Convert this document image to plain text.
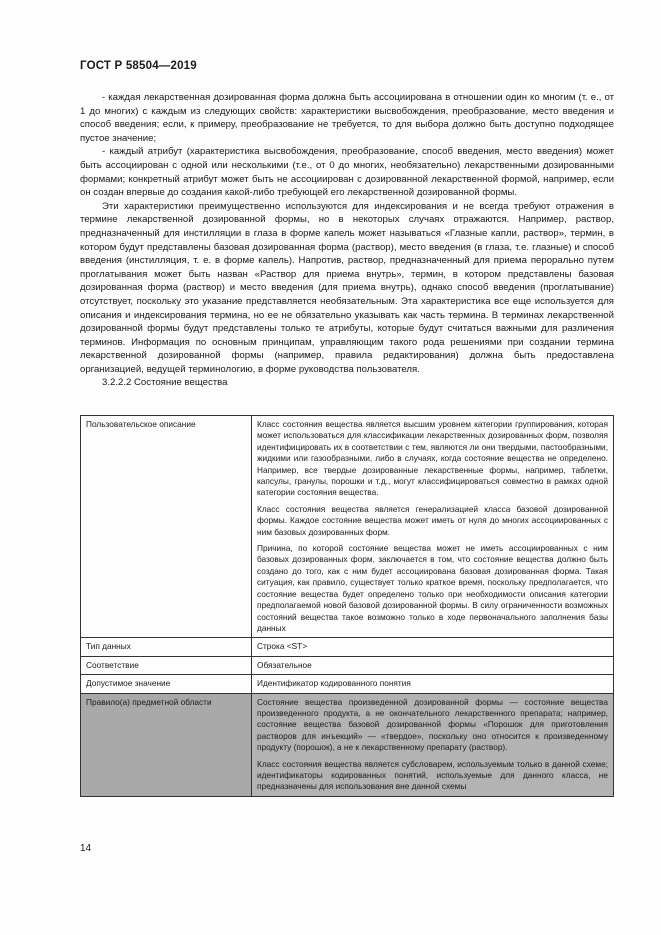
ГОСТ Р 58504—2019

- каждая лекарственная дозированная форма должна быть ассоциирована в отношении один ко многим (т. е., от 1 до многих) с каждым из следующих свойств: характеристики высвобождения, преобразование, место введения и способ введения; если, к примеру, преобразование не требуется, то для выбора должно быть доступно подходящее пустое значение;

- каждый атрибут (характеристика высвобождения, преобразование, способ введения, место введения) может быть ассоциирован с одной или несколькими (т.е., от 0 до многих, необязательно) лекарственными дозированными формами; конкретный атрибут может быть не ассоциирован с дозированной лекарственной формой, например, если он создан впервые до создания какой-либо требующей его лекарственной дозированной формы.

Эти характеристики преимущественно используются для индексирования и не всегда требуют отражения в термине лекарственной дозированной формы, но в некоторых случаях отражаются. Например, раствор, предназначенный для инстилляции в глаза в форме капель может называться «Глазные капли, раствор», термин, в котором будут представлены базовая дозированная форма (раствор), место введения (в глаза, т.е. глазные) и способ введения (инстилляция, т. е. в форме капель). Напротив, раствор, предназначенный для приема перорально путем проглатывания может быть назван «Раствор для приема внутрь», термин, в котором представлены базовая дозированная форма (раствор) и место введения (для приема внутрь), однако способ введения (проглатывание) отсутствует, поскольку это указание представляется необязательным. Эта характеристика все еще используется для описания и индексирования термина, но ее не обязательно указывать как часть термина. В терминах лекарственной дозированной формы будут представлены только те атрибуты, которые будут считаться важными для различения терминов. Информация по основным принципам, управляющим такого рода решениями при создании термина лекарственной дозированной формы (например, правила редактирования) должна быть предоставлена организацией, ведущей терминологию, в форме руководства пользователя.

3.2.2.2 Состояние вещества
Пользовательское описание	Класс состояния вещества является высшим уровнем категории группирования, которая может использоваться для классификации лекарственных дозированных форм, позволяя идентифицировать их в соответствии с тем, являются ли они твердыми, пастообразными, жидкими или газообразными, либо в случаях, когда состояние вещества не определено. Например, все твердые дозированные лекарственные формы, например, таблетки, капсулы, гранулы, порошки и т.д., могут классифицироваться совместно в рамках одной категории состояния вещества.

Класс состояния вещества является генерализацией класса базовой дозированной формы. Каждое состояние вещества может иметь от нуля до многих ассоциированных с ним базовых дозированных форм.

Причина, по которой состояние вещества может не иметь ассоциированных с ним базовых дозированных форм, заключается в том, что состояние вещества должно быть создано до того, как с ним будет ассоциирована базовая дозированная форма. Такая ситуация, как правило, существует только краткое время, поскольку предполагается, что состояние вещества будет определено только при необходимости описания категории предполагаемой новой базовой дозированной формы. В силу ограниченности возможных состояний вещества такое возможно только в ходе первоначального заполнения базы данных

Тип данных	Строка <ST>
Соответствие	Обязательное
Допустимое значение	Идентификатор кодированного понятия
Правило(а) предметной области	Состояние вещества произведенной дозированной формы — состояние вещества произведенного продукта, а не окончательного лекарственного препарата; например, состояние вещества базовой дозированной формы «Порошок для приготовления растворов для инъекций» — «твердое», поскольку оно относится к произведенному продукту (порошок), а не к лекарственному препарату (раствор).

Класс состояния вещества является субсловарем, используемым только в данной схеме; идентификаторы кодированных понятий, используемые для данного класса, не предназначены для использования вне данной схемы

14
